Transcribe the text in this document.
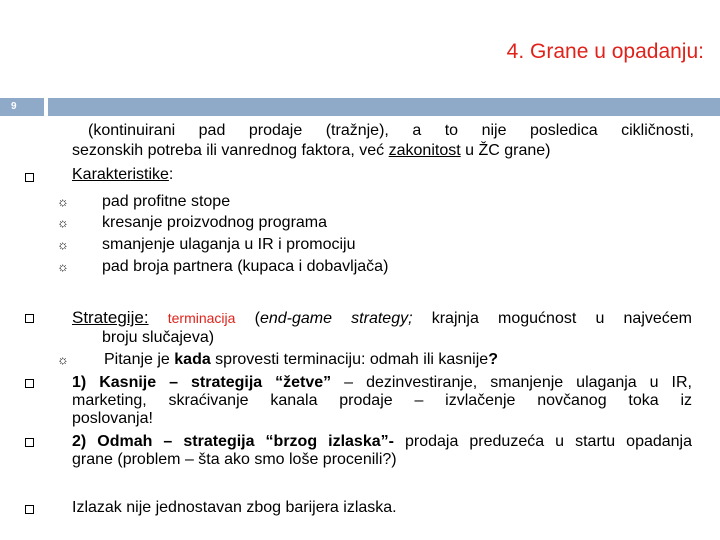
4. Grane u opadanju:
9
(kontinuirani pad prodaje (tražnje), a to nije posledica cikličnosti,
sezonskih potreba ili vanrednog faktora, već zakonitost u ŽC grane)
Karakteristike:
☼ pad profitne stope
☼ kresanje proizvodnog programa
☼ smanjenje ulaganja u IR i promociju
☼ pad broja partnera (kupaca i dobavljača)
Strategije: terminacija (end-game strategy; krajnja mogućnost u najvećem
broju slučajeva)
☼ Pitanje je kada sprovesti terminaciju: odmah ili kasnije?
1) Kasnije – strategija “žetve” – dezinvestiranje, smanjenje ulaganja u IR,
marketing, skraćivanje kanala prodaje – izvlačenje novčanog toka iz
poslovanja!
2) Odmah – strategija “brzog izlaska”- prodaja preduzeća u startu opadanja
grane (problem – šta ako smo loše procenili?)
Izlazak nije jednostavan zbog barijera izlaska.
